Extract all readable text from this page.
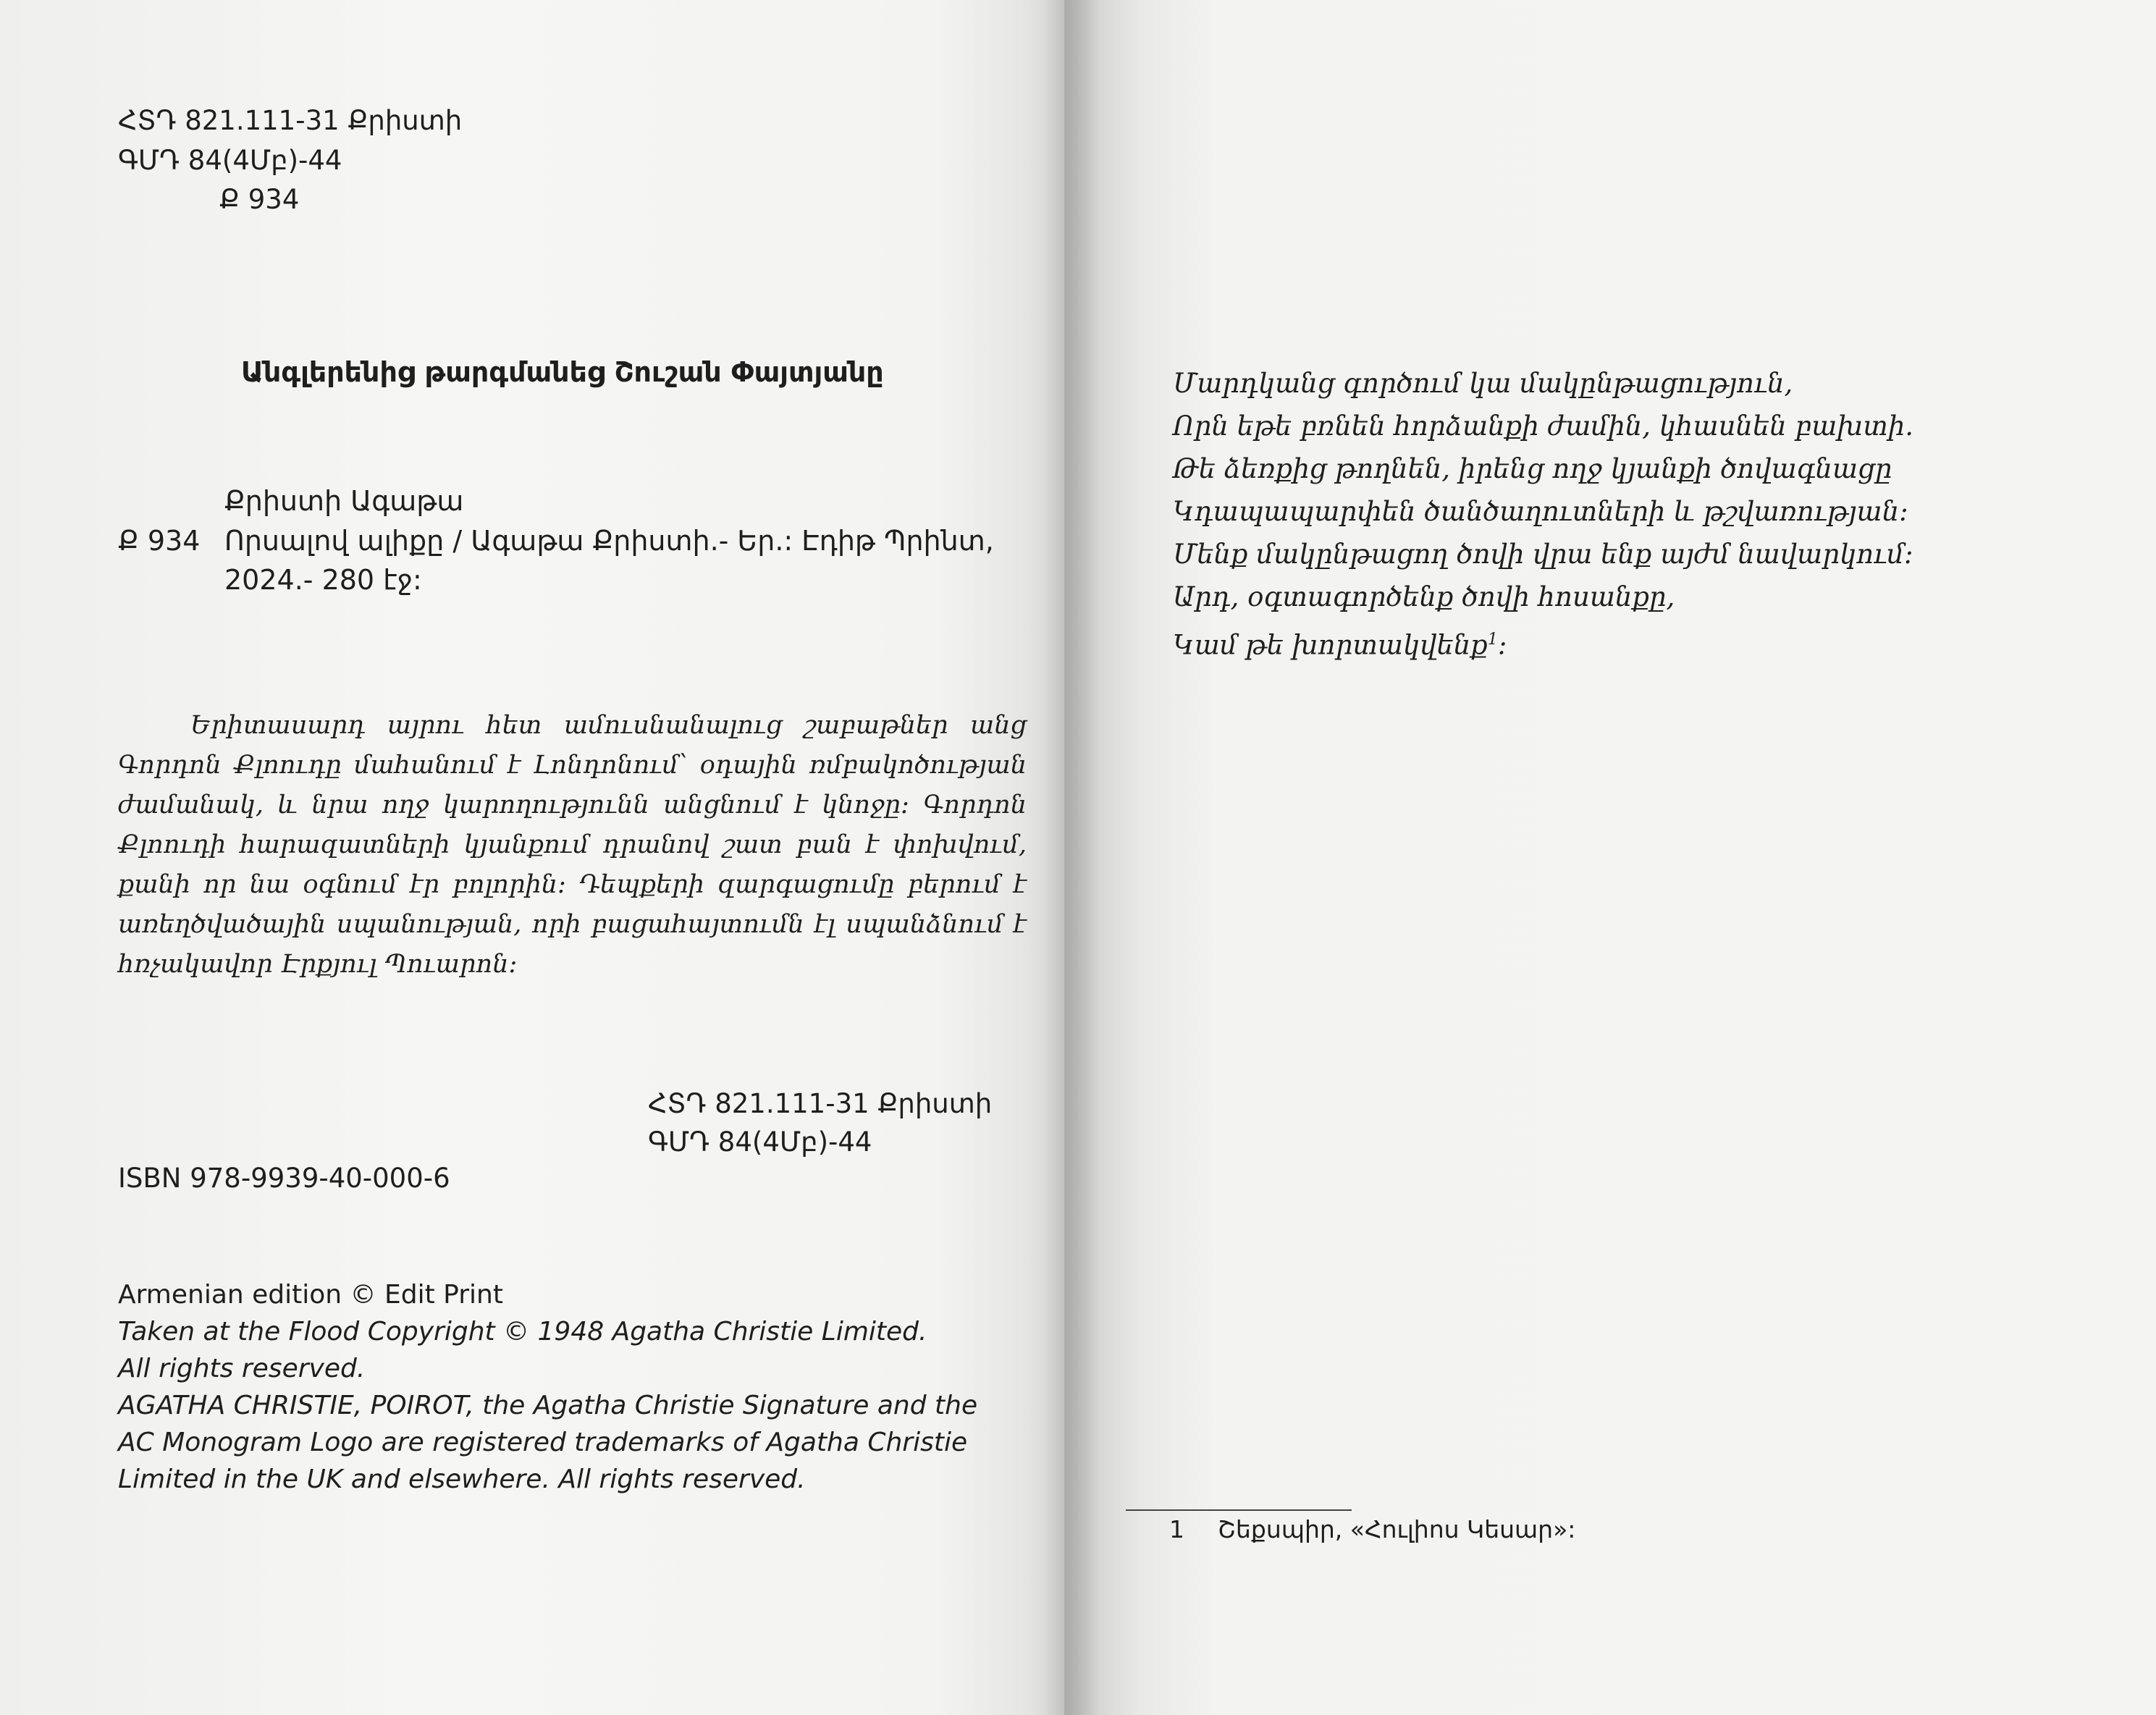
ՀՏԴ 821.111-31 Քրիստի

ԳՄԴ 84(4Մբ)-44

Ք 934

Անգլերենից թարգմանեց Շուշան Փայտյանը

Քրիստի Ագաթա

Ք 934 Որսալով ալիքը / Ագաթա Քրիստի.- Եր.: Էդիթ Պրինտ,

2024.- 280 էջ:

Երիտասարդ այրու հետ ամուսնանալուց շաբաթներ անց Գորդոն Քլոուդը մահանում է Լոնդոնում՝ օդային ռմբակոծության ժամանակ, և նրա ողջ կարողությունն անցնում է կնոջը: Գորդոն Քլոուդի հարազատների կյանքում դրանով շատ բան է փոխվում, քանի որ նա օգնում էր բոլորին: Դեպքերի զարգացումը բերում է առեղծվածային սպանության, որի բացահայտումն էլ սպանձնում է հռչակավոր Էրքյուլ Պուարոն:

ՀՏԴ 821.111-31 Քրիստի

ԳՄԴ 84(4Մբ)-44

ISBN 978-9939-40-000-6

Armenian edition © Edit Print

Taken at the Flood Copyright © 1948 Agatha Christie Limited.

All rights reserved.

AGATHA CHRISTIE, POIROT, the Agatha Christie Signature and the

AC Monogram Logo are registered trademarks of Agatha Christie

Limited in the UK and elsewhere. All rights reserved.

Մարդկանց գործում կա մակընթացություն,

Որն եթե բռնեն հորձանքի ժամին, կհասնեն բախտի.

Թե ձեռքից թողնեն, իրենց ողջ կյանքի ծովագնացը

Կդապապարփեն ծանծաղուտների և թշվառության:

Մենք մակընթացող ծովի վրա ենք այժմ նավարկում:

Արդ, օգտագործենք ծովի հոսանքը,

Կամ թե խորտակվենք$^1$:

1 Շեքսպիր, «Հուլիոս Կեսար»:
